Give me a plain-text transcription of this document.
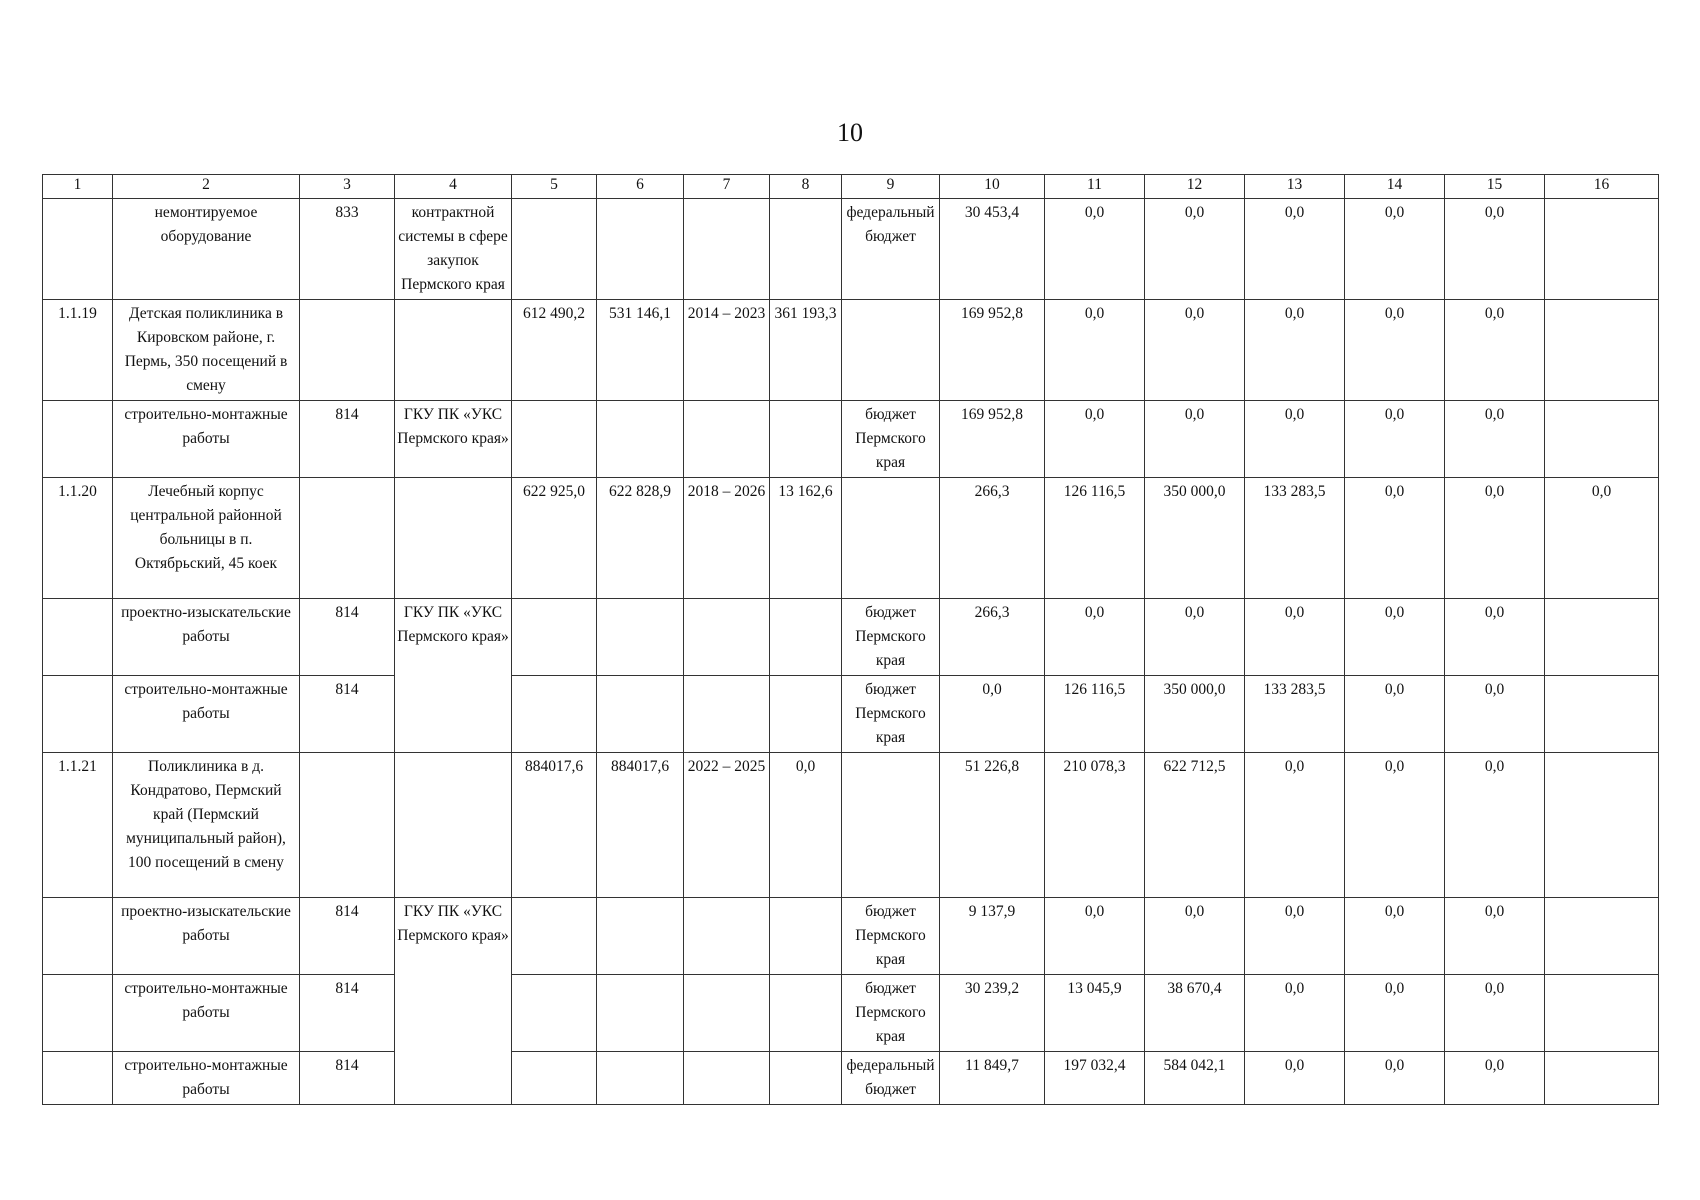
10
1	2	3	4	5	6	7	8	9	10	11	12	13	14	15	16
	немонтируемое оборудование	833	контрактной системы в сфере закупок Пермского края					федеральный бюджет	30 453,4	0,0	0,0	0,0	0,0	0,0	
1.1.19	Детская поликлиника в Кировском районе, г. Пермь, 350 посещений в смену			612 490,2	531 146,1	2014 – 2023	361 193,3		169 952,8	0,0	0,0	0,0	0,0	0,0	
	строительно-монтажные работы	814	ГКУ ПК «УКС Пермского края»					бюджет Пермского края	169 952,8	0,0	0,0	0,0	0,0	0,0	
1.1.20	Лечебный корпус центральной районной больницы в п. Октябрьский, 45 коек			622 925,0	622 828,9	2018 – 2026	13 162,6		266,3	126 116,5	350 000,0	133 283,5	0,0	0,0	0,0
	проектно-изыскательские работы	814	ГКУ ПК «УКС Пермского края»					бюджет Пермского края	266,3	0,0	0,0	0,0	0,0	0,0	
	строительно-монтажные работы	814						бюджет Пермского края	0,0	126 116,5	350 000,0	133 283,5	0,0	0,0	
1.1.21	Поликлиника в д. Кондратово, Пермский край (Пермский муниципальный район), 100 посещений в смену			884017,6	884017,6	2022 – 2025	0,0		51 226,8	210 078,3	622 712,5	0,0	0,0	0,0	
	проектно-изыскательские работы	814	ГКУ ПК «УКС Пермского края»					бюджет Пермского края	9 137,9	0,0	0,0	0,0	0,0	0,0	
	строительно-монтажные работы	814						бюджет Пермского края	30 239,2	13 045,9	38 670,4	0,0	0,0	0,0	
	строительно-монтажные работы	814						федеральный бюджет	11 849,7	197 032,4	584 042,1	0,0	0,0	0,0	
